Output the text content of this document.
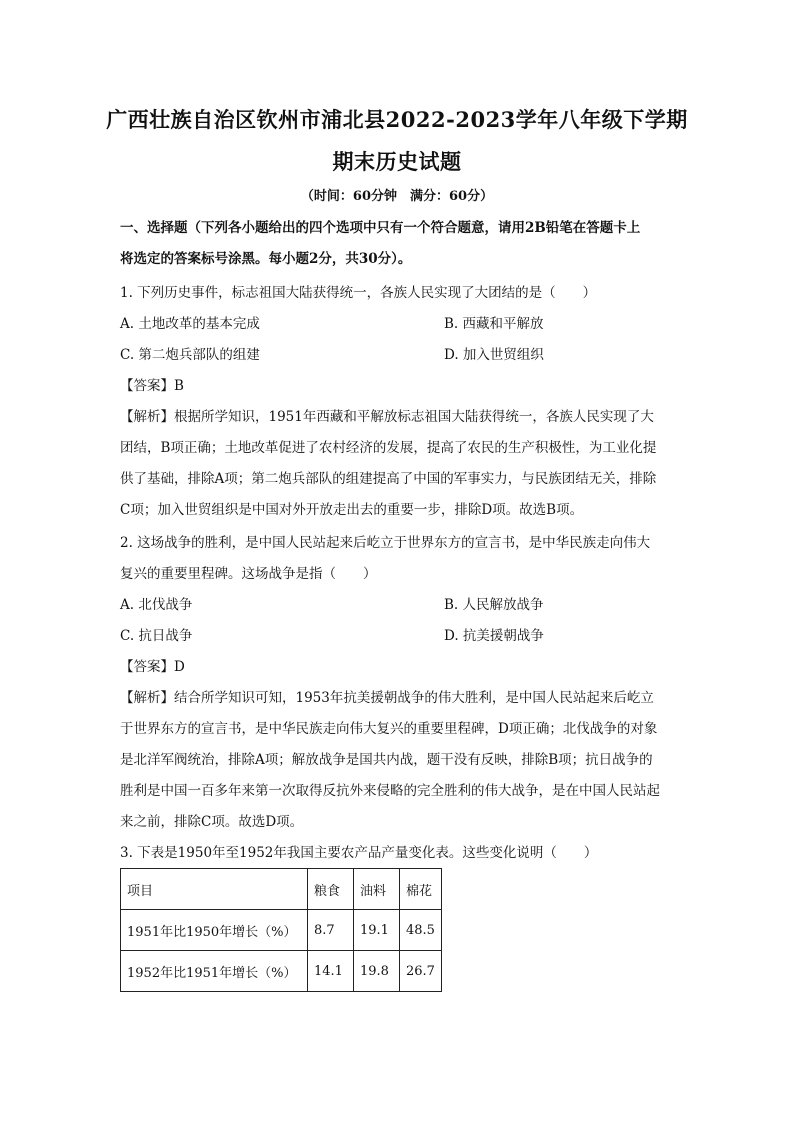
广西壮族自治区钦州市浦北县2022-2023学年八年级下学期
期末历史试题
（时间：60分钟　满分：60分）
一、选择题（下列各小题给出的四个选项中只有一个符合题意，请用2B铅笔在答题卡上
将选定的答案标号涂黑。每小题2分，共30分）。
1. 下列历史事件，标志祖国大陆获得统一，各族人民实现了大团结的是（　　）
A. 土地改革的基本完成	B. 西藏和平解放
C. 第二炮兵部队的组建	D. 加入世贸组织
【答案】B
【解析】根据所学知识，1951年西藏和平解放标志祖国大陆获得统一，各族人民实现了大
团结，B项正确；土地改革促进了农村经济的发展，提高了农民的生产积极性，为工业化提
供了基础，排除A项；第二炮兵部队的组建提高了中国的军事实力，与民族团结无关，排除
C项；加入世贸组织是中国对外开放走出去的重要一步，排除D项。故选B项。
2. 这场战争的胜利，是中国人民站起来后屹立于世界东方的宣言书，是中华民族走向伟大
复兴的重要里程碑。这场战争是指（　　）
A. 北伐战争	B. 人民解放战争
C. 抗日战争	D. 抗美援朝战争
【答案】D
【解析】结合所学知识可知，1953年抗美援朝战争的伟大胜利，是中国人民站起来后屹立
于世界东方的宣言书，是中华民族走向伟大复兴的重要里程碑，D项正确；北伐战争的对象
是北洋军阀统治，排除A项；解放战争是国共内战，题干没有反映，排除B项；抗日战争的
胜利是中国一百多年来第一次取得反抗外来侵略的完全胜利的伟大战争，是在中国人民站起
来之前，排除C项。故选D项。
3. 下表是1950年至1952年我国主要农产品产量变化表。这些变化说明（　　）
项目	粮食	油料	棉花
1951年比1950年增长（%）	8.7	19.1	48.5
1952年比1951年增长（%）	14.1	19.8	26.7
